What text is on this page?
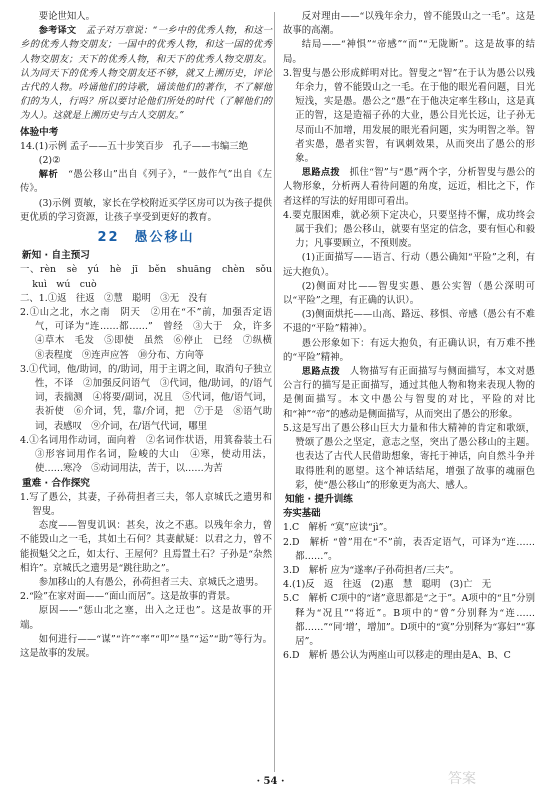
要论世知人。

参考译文　 孟子对万章说：“一乡中的优秀人物，和这一乡的优秀人物交朋友；一国中的优秀人物，和这一国的优秀人物交朋友；天下的优秀人物，和天下的优秀人物交朋友。认为同天下的优秀人物交朋友还不够，就又上溯历史，评论古代的人物。吟诵他们的诗歌，诵读他们的著作，不了解他们的为人，行吗？所以要讨论他们所处的时代（了解他们的为人）。这就是上溯历史与古人交朋友。”

体验中考

14.(1)示例 孟子——五十步笑百步　孔子——韦编三绝

(2)②

解析　 “愚公移山”出自《列子》，“一鼓作气”出自《左传》。

(3)示例 贾敏，家长在学校附近买学区房可以为孩子提供更优质的学习资源，让孩子享受到更好的教育。

22　愚公移山

新知 · 自主预习

一、rèn　sè　yú　hè　jī　běn　shuāng　chèn　sǒu　kuì　wú　cuò

二、1.①返　往返　②慧　聪明　③无　没有

2.①山之北，水之南　阴天　②用在“不”前，加强否定语气，可译为“连……都……”　曾经　③大于　众，许多　④草木　毛发　⑤即使　虽然　⑥停止　已经　⑦纵横　⑧表程度　⑨连声应答　⑩分布、方向等

3.①代词，他/助词，的/助词，用于主谓之间，取消句子独立性，不译　②加强反问语气　③代词，他/助词，的/语气词，表揣测　④将要/副词，况且　⑤代词，他/语气词，表祈使　⑥介词，凭，靠/介词，把　⑦于是　⑧语气助词，表感叹　⑨介词，在/语气代词，哪里

4.①名词用作动词，面向着　②名词作状语，用箕畚装土石　③形容词用作名词，险峻的大山　④寒，使动用法，使……寒冷　⑤动词用法，苦于，以……为苦

重难 · 合作探究

1.写了愚公，其妻，子孙荷担者三夫，邻人京城氏之遗男和智叟。

态度——智叟讥讽：甚矣，汝之不惠。以残年余力，曾不能毁山之一毛，其如土石何？其妻献疑：以君之力，曾不能损魁父之丘，如太行、王屋何？且焉置土石？子孙是“杂然相许”。京城氏之遗男是“跳往助之”。

参加移山的人有愚公，孙荷担者三夫、京城氏之遗男。

2.“险”在家对面——“面山而居”。这是故事的背景。

原因——“惩山北之塞，出入之迂也”。这是故事的开端。

如何进行——“谋”“许”“率”“叩”“垦”“运”“助”等行为。这是故事的发展。

反对理由——“以残年余力，曾不能毁山之一毛”。这是故事的高潮。

结局——“神惧”“帝感”“而”“无陇断”。这是故事的结局。

3.智叟与愚公形成鲜明对比。智叟之“智”在于认为愚公以残年余力，曾不能毁山之一毛。在于他的眼光看问题，目光短浅，实是愚。愚公之“愚”在于他决定率生移山，这是真正的智，这是造福子孙的大业，愚公目光长远，让子孙无尽而山不加增，用发展的眼光看问题，实为明智之举。智者实愚，愚者实智，有讽刺效果，从而突出了愚公的形象。

思路点拨　 抓住“智”与“愚”两个字，分析智叟与愚公的人物形象，分析两人看待问题的角度，远近，相比之下，作者这样的写法的好用即可看出。

4.要克服困难，就必须下定决心，只要坚持不懈，成功终会属于我们；愚公移山，就要有坚定的信念，要有恒心和毅力；凡事要顾立，不预则废。

(1)正面描写——语言、行动（愚公确知“平险”之利，有远大抱负）。

(2)侧面对比——智叟实愚、愚公实智（愚公深明可以“平险”之理，有正确的认识）。

(3)侧面烘托——山高、路远、移惧、帝感（愚公有不难不退的“平险”精神）。

愚公形象如下：有远大抱负，有正确认识，有万难不挫的“平险”精神。

思路点拨　 人物描写有正面描写与侧面描写，本文对愚公言行的描写是正面描写，通过其他人物和物来表现人物的是侧面描写。本文中愚公与智叟的对比，平险的对比和“神”“帝”的感动是侧面描写，从而突出了愚公的形象。

5.这是写出了愚公移山巨大力量和伟大精神的肯定和歌颂，赞颂了愚公之坚定，意志之坚，突出了愚公移山的主题。也表达了古代人民借助想象，寄托于神话，向自然斗争并取得胜利的愿望。这个神话结尾，增强了故事的魂丽色彩，使“愚公移山”的形象更为高大、感人。

知能 · 提升训练

夯实基础

1.C　解析 “寞”应读“jì”。

2.D　解析 “曾”用在“不”前，表否定语气，可译为“连……都……”。

3.D　解析 应为“遂率/子孙荷担者/三夫”。

4.(1)反　返　往返　(2)惠　慧　聪明　(3)亡　无

5.C　解析 C项中的“诸”意思都是“之于”。A项中的“且”分别释为“况且”“将近”。B项中的“曾”分别释为“连……都……”“同‘增’，增加”。D项中的“寞”分别释为“寡妇”“寡居”。

6.D　解析 愚公认为两座山可以移走的理由是A、B、C

· 54 ·	答案
